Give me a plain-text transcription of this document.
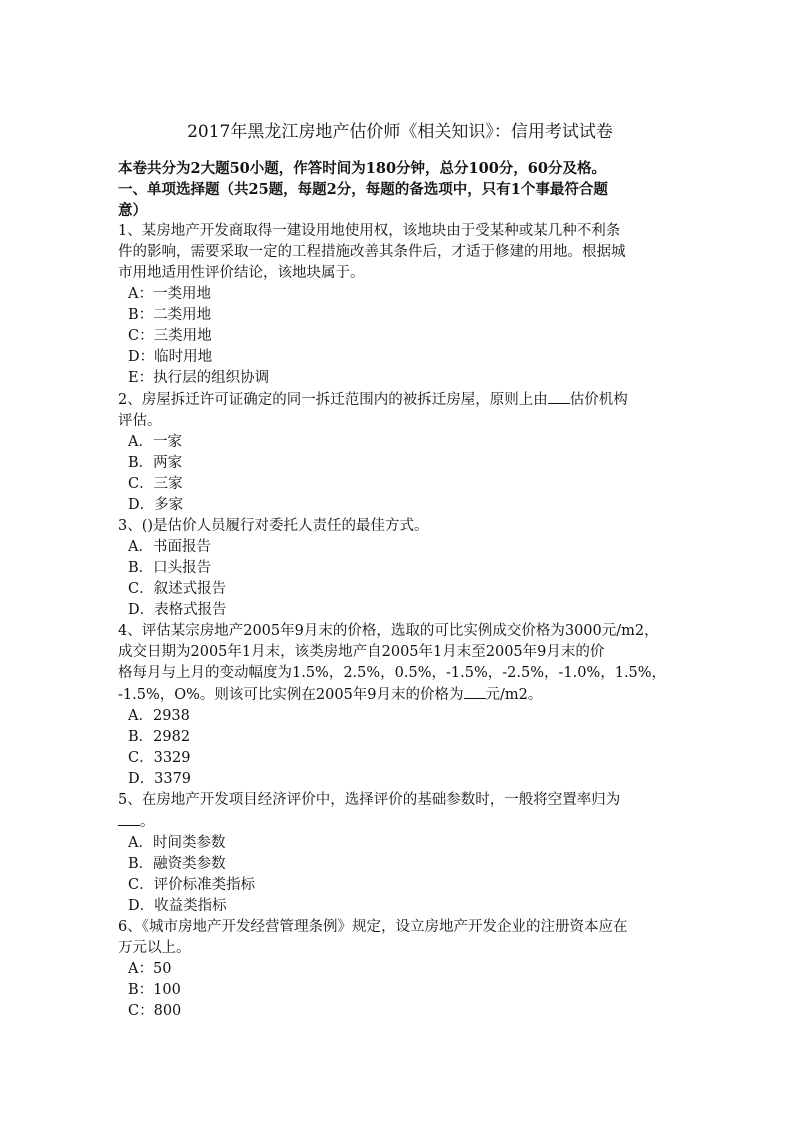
2017年黑龙江房地产估价师《相关知识》：信用考试试卷
本卷共分为2大题50小题，作答时间为180分钟，总分100分，60分及格。
一、单项选择题（共25题，每题2分，每题的备选项中，只有1个事最符合题
意）
1、某房地产开发商取得一建设用地使用权，该地块由于受某种或某几种不利条
件的影响，需要采取一定的工程措施改善其条件后，才适于修建的用地。根据城
市用地适用性评价结论，该地块属于。
A：一类用地
B：二类用地
C：三类用地
D：临时用地
E：执行层的组织协调
2、房屋拆迁许可证确定的同一拆迁范围内的被拆迁房屋，原则上由 估价机构
评估。
A．一家
B．两家
C．三家
D．多家
3、()是估价人员履行对委托人责任的最佳方式。
A．书面报告
B．口头报告
C．叙述式报告
D．表格式报告
4、评估某宗房地产2005年9月末的价格，选取的可比实例成交价格为3000元/m2，
成交日期为2005年1月末，该类房地产自2005年1月末至2005年9月末的价
格每月与上月的变动幅度为1.5%，2.5%，0.5%，-1.5%，-2.5%，-1.0%，1.5%，
-1.5%，O%。则该可比实例在2005年9月末的价格为 元/m2。
A．2938
B．2982
C．3329
D．3379
5、在房地产开发项目经济评价中，选择评价的基础参数时，一般将空置率归为
。
A．时间类参数
B．融资类参数
C．评价标准类指标
D．收益类指标
6、《城市房地产开发经营管理条例》规定，设立房地产开发企业的注册资本应在
万元以上。
A：50
B：100
C：800
